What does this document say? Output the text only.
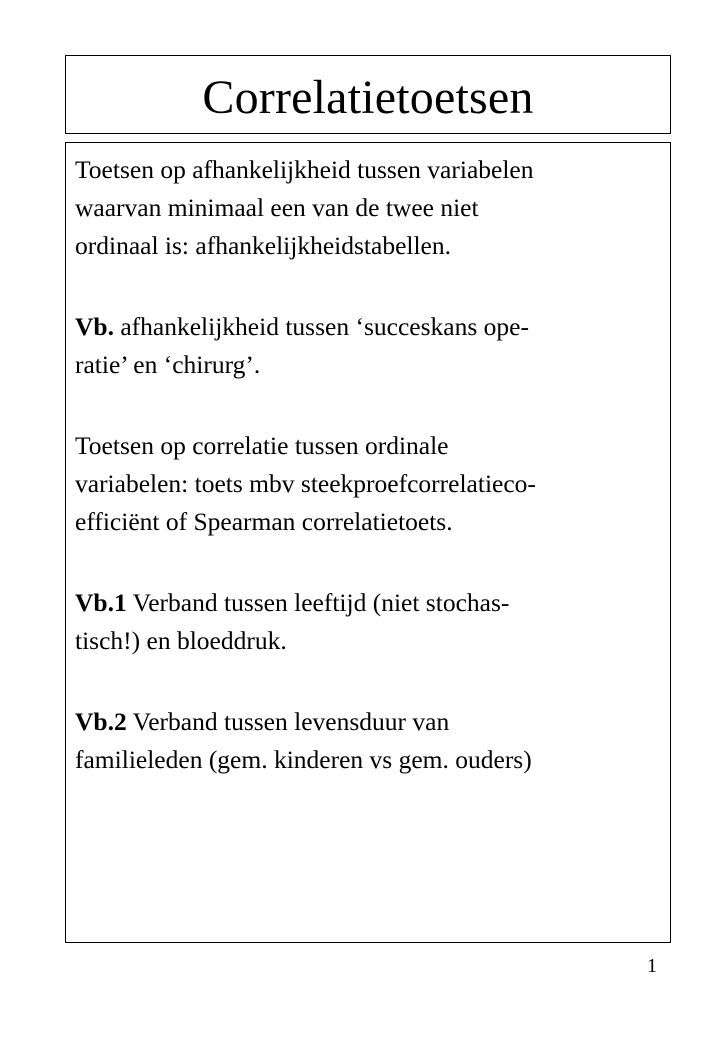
Correlatietoetsen

Toetsen op afhankelijkheid tussen variabelen
waarvan minimaal een van de twee niet
ordinaal is: afhankelijkheidstabellen.

Vb. afhankelijkheid tussen ‘succeskans ope-
ratie’ en ‘chirurg’.

Toetsen op correlatie tussen ordinale
variabelen: toets mbv steekproefcorrelatieco-
efficiënt of Spearman correlatietoets.

Vb.1 Verband tussen leeftijd (niet stochas-
tisch!) en bloeddruk.

Vb.2 Verband tussen levensduur van
familieleden (gem. kinderen vs gem. ouders)

1
